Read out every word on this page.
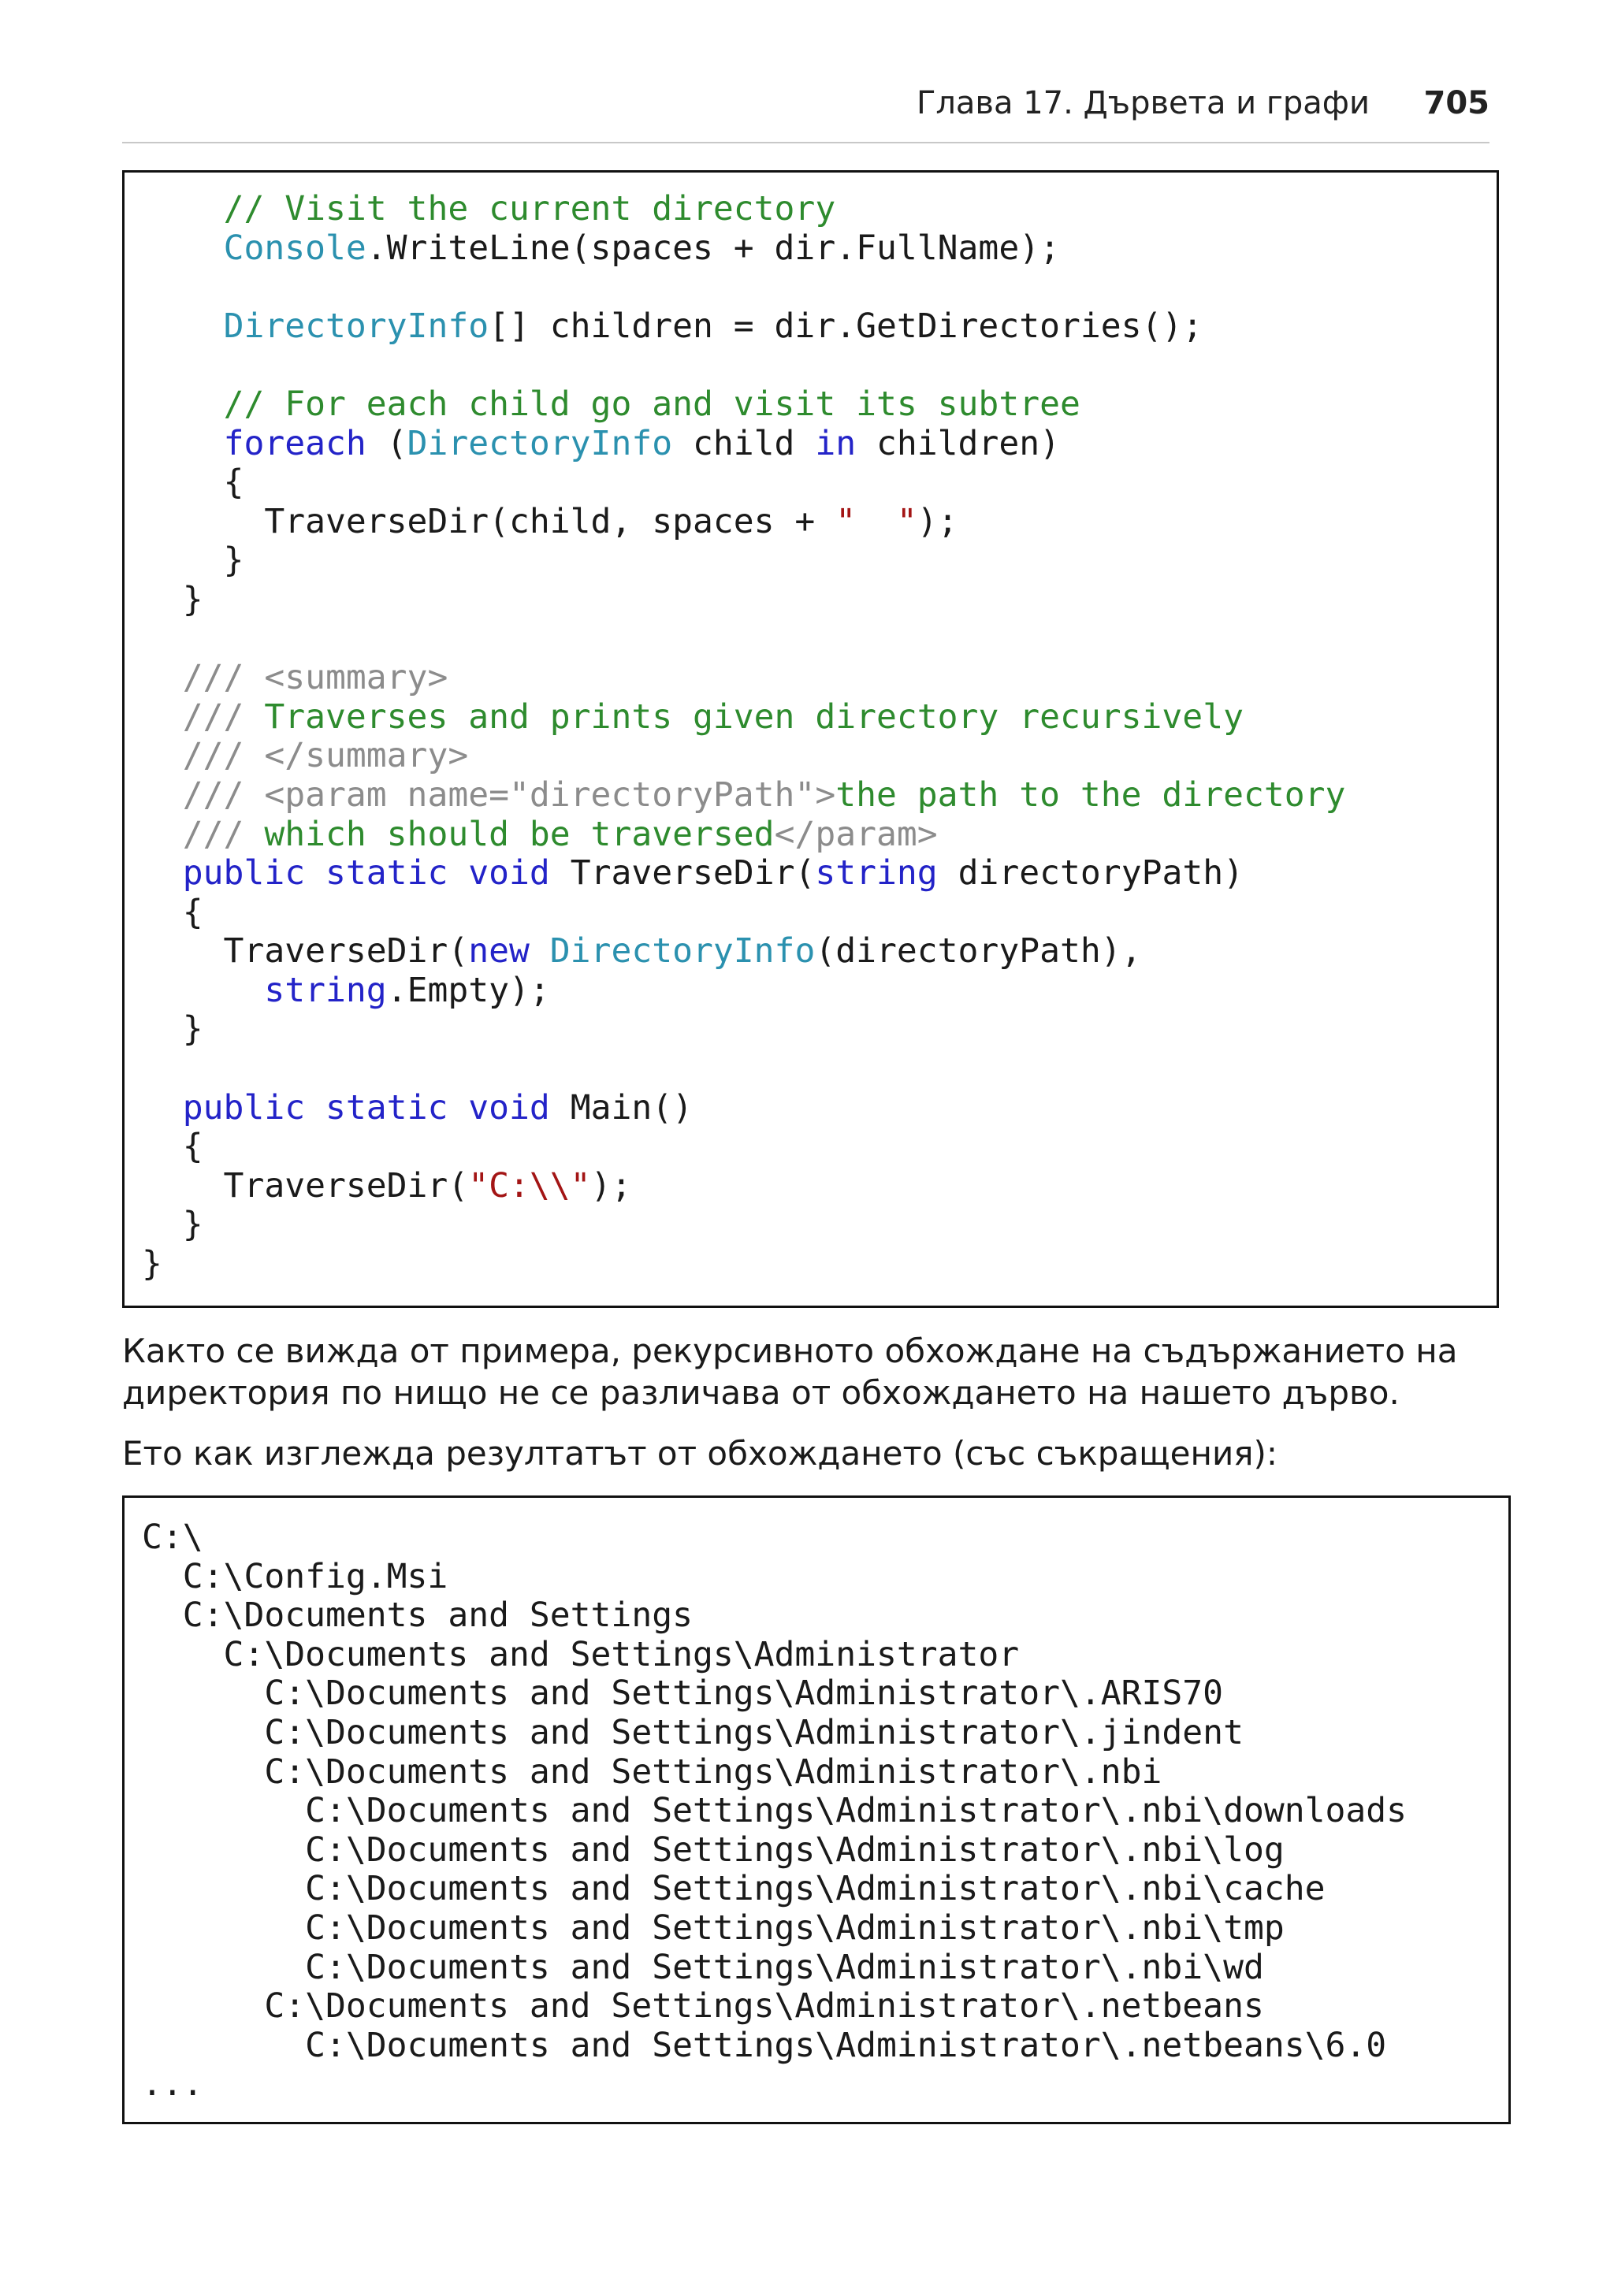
Глава 17. Дървета и графи 705
// Visit the current directory
Console.WriteLine(spaces + dir.FullName);
DirectoryInfo[] children = dir.GetDirectories();
// For each child go and visit its subtree
foreach (DirectoryInfo child in children)
{
TraverseDir(child, spaces + "  ");
}
}
/// <summary>
/// Traverses and prints given directory recursively
/// </summary>
/// <param name="directoryPath">the path to the directory
/// which should be traversed</param>
public static void TraverseDir(string directoryPath)
{
TraverseDir(new DirectoryInfo(directoryPath),
string.Empty);
}
public static void Main()
{
TraverseDir("C:\\");
}
}

Както се вижда от примера, рекурсивното обхождане на съдържанието на директория по нищо не се различава от обхождането на нашето дърво.

Ето как изглежда резултатът от обхождането (със съкращения):

C:\
C:\Config.Msi
C:\Documents and Settings
C:\Documents and Settings\Administrator
C:\Documents and Settings\Administrator\.ARIS70
C:\Documents and Settings\Administrator\.jindent
C:\Documents and Settings\Administrator\.nbi
C:\Documents and Settings\Administrator\.nbi\downloads
C:\Documents and Settings\Administrator\.nbi\log
C:\Documents and Settings\Administrator\.nbi\cache
C:\Documents and Settings\Administrator\.nbi\tmp
C:\Documents and Settings\Administrator\.nbi\wd
C:\Documents and Settings\Administrator\.netbeans
C:\Documents and Settings\Administrator\.netbeans\6.0
...
